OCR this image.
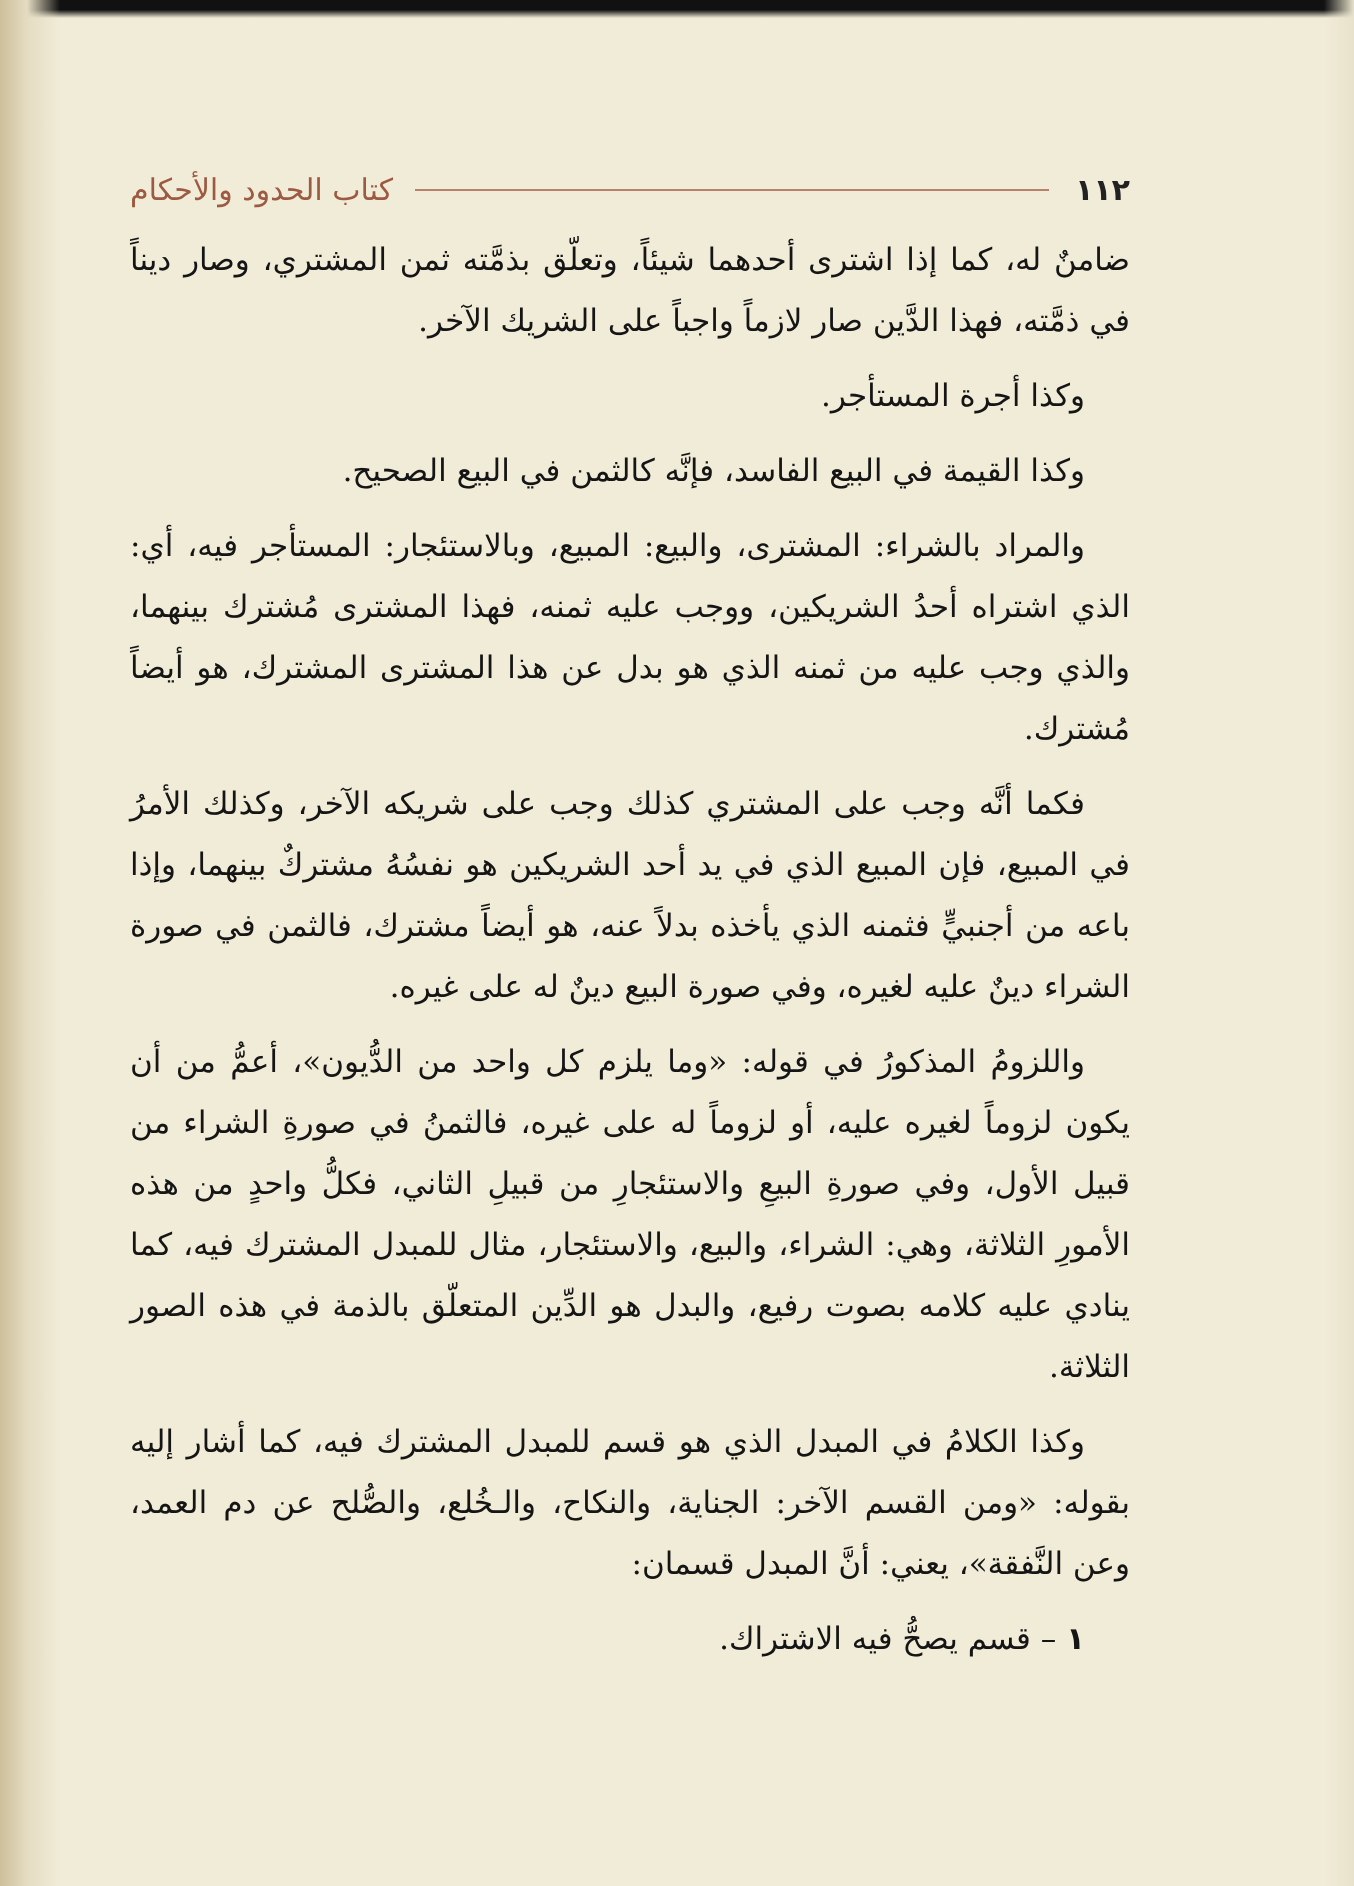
١١٢
كتاب الحدود والأحكام

ضامنٌ له، كما إذا اشترى أحدهما شيئاً، وتعلّق بذمَّته ثمن المشتري، وصار ديناً في ذمَّته، فهذا الدَّين صار لازماً واجباً على الشريك الآخر.

وكذا أجرة المستأجر.

وكذا القيمة في البيع الفاسد، فإنَّه كالثمن في البيع الصحيح.

والمراد بالشراء: المشترى، والبيع: المبيع، وبالاستئجار: المستأجر فيه، أي: الذي اشتراه أحدُ الشريكين، ووجب عليه ثمنه، فهذا المشترى مُشترك بينهما، والذي وجب عليه من ثمنه الذي هو بدل عن هذا المشترى المشترك، هو أيضاً مُشترك.

فكما أنَّه وجب على المشتري كذلك وجب على شريكه الآخر، وكذلك الأمرُ في المبيع، فإن المبيع الذي في يد أحد الشريكين هو نفسُهُ مشتركٌ بينهما، وإذا باعه من أجنبيٍّ فثمنه الذي يأخذه بدلاً عنه، هو أيضاً مشترك، فالثمن في صورة الشراء دينٌ عليه لغيره، وفي صورة البيع دينٌ له على غيره.

واللزومُ المذكورُ في قوله: «وما يلزم كل واحد من الدُّيون»، أعمُّ من أن يكون لزوماً لغيره عليه، أو لزوماً له على غيره، فالثمنُ في صورةِ الشراء من قبيل الأول، وفي صورةِ البيعِ والاستئجارِ من قبيلِ الثاني، فكلُّ واحدٍ من هذه الأمورِ الثلاثة، وهي: الشراء، والبيع، والاستئجار، مثال للمبدل المشترك فيه، كما ينادي عليه كلامه بصوت رفيع، والبدل هو الدِّين المتعلّق بالذمة في هذه الصور الثلاثة.

وكذا الكلامُ في المبدل الذي هو قسم للمبدل المشترك فيه، كما أشار إليه بقوله: «ومن القسم الآخر: الجناية، والنكاح، والـخُلع، والصُّلح عن دم العمد، وعن النَّفقة»، يعني: أنَّ المبدل قسمان:

١ – قسم يصحُّ فيه الاشتراك.
